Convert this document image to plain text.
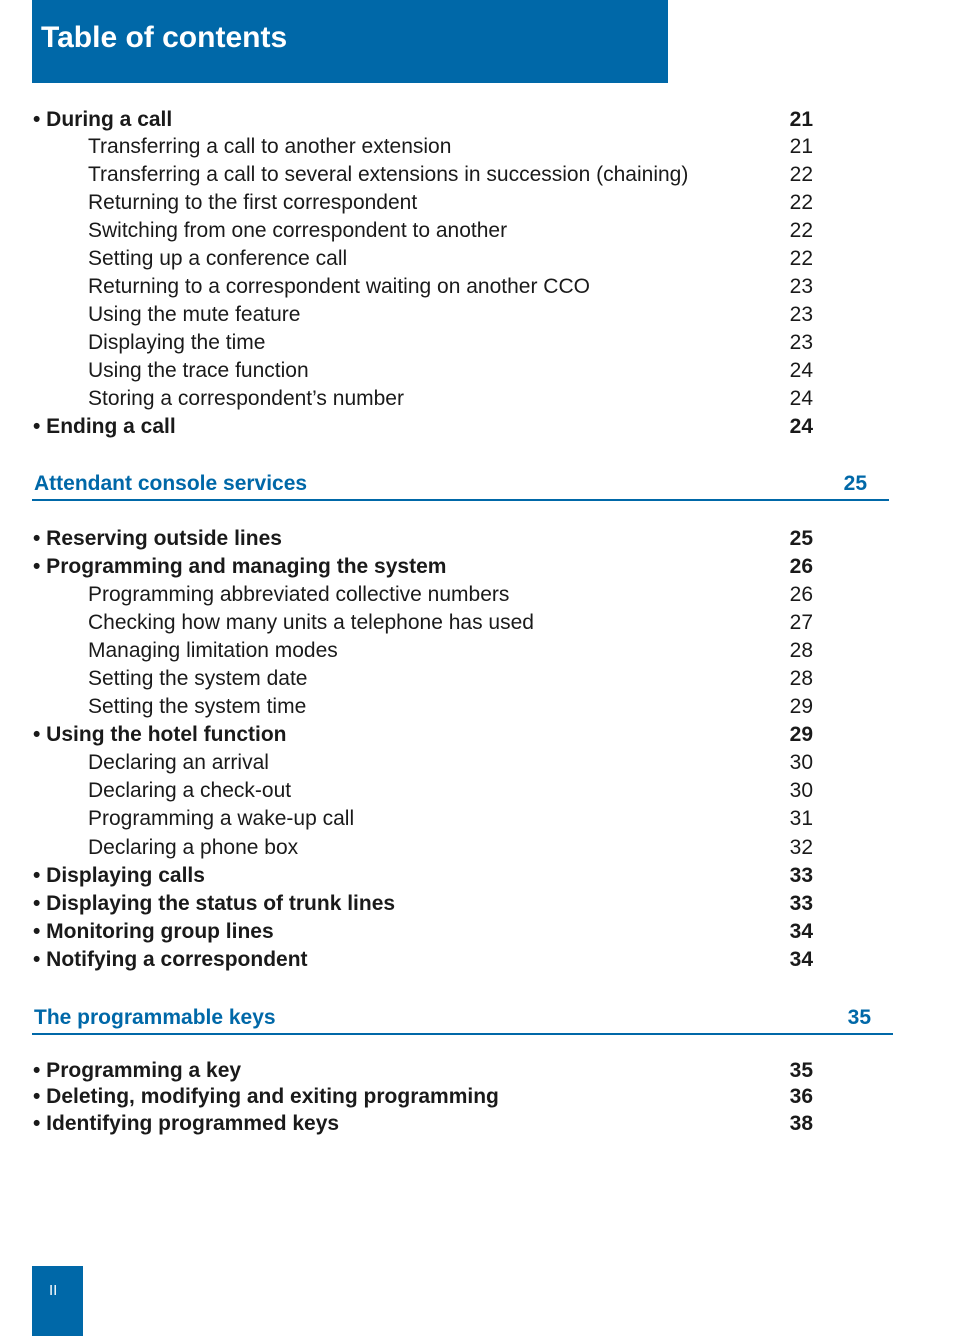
Table of contents
• During a call	21
Transferring a call to another extension	21
Transferring a call to several extensions in succession (chaining)	22
Returning to the first correspondent	22
Switching from one correspondent to another	22
Setting up a conference call	22
Returning to a correspondent waiting on another CCO	23
Using the mute feature	23
Displaying the time	23
Using the trace function	24
Storing a correspondent’s number	24
• Ending a call	24
Attendant console services	25
• Reserving outside lines	25
• Programming and managing the system	26
Programming abbreviated collective numbers	26
Checking how many units a telephone has used	27
Managing limitation modes	28
Setting the system date	28
Setting the system time	29
• Using the hotel function	29
Declaring an arrival	30
Declaring a check-out	30
Programming a wake-up call	31
Declaring a phone box	32
• Displaying calls	33
• Displaying the status of trunk lines	33
• Monitoring group lines	34
• Notifying a correspondent	34
The programmable keys	35
• Programming a key	35
• Deleting, modifying and exiting programming	36
• Identifying programmed keys	38
II
